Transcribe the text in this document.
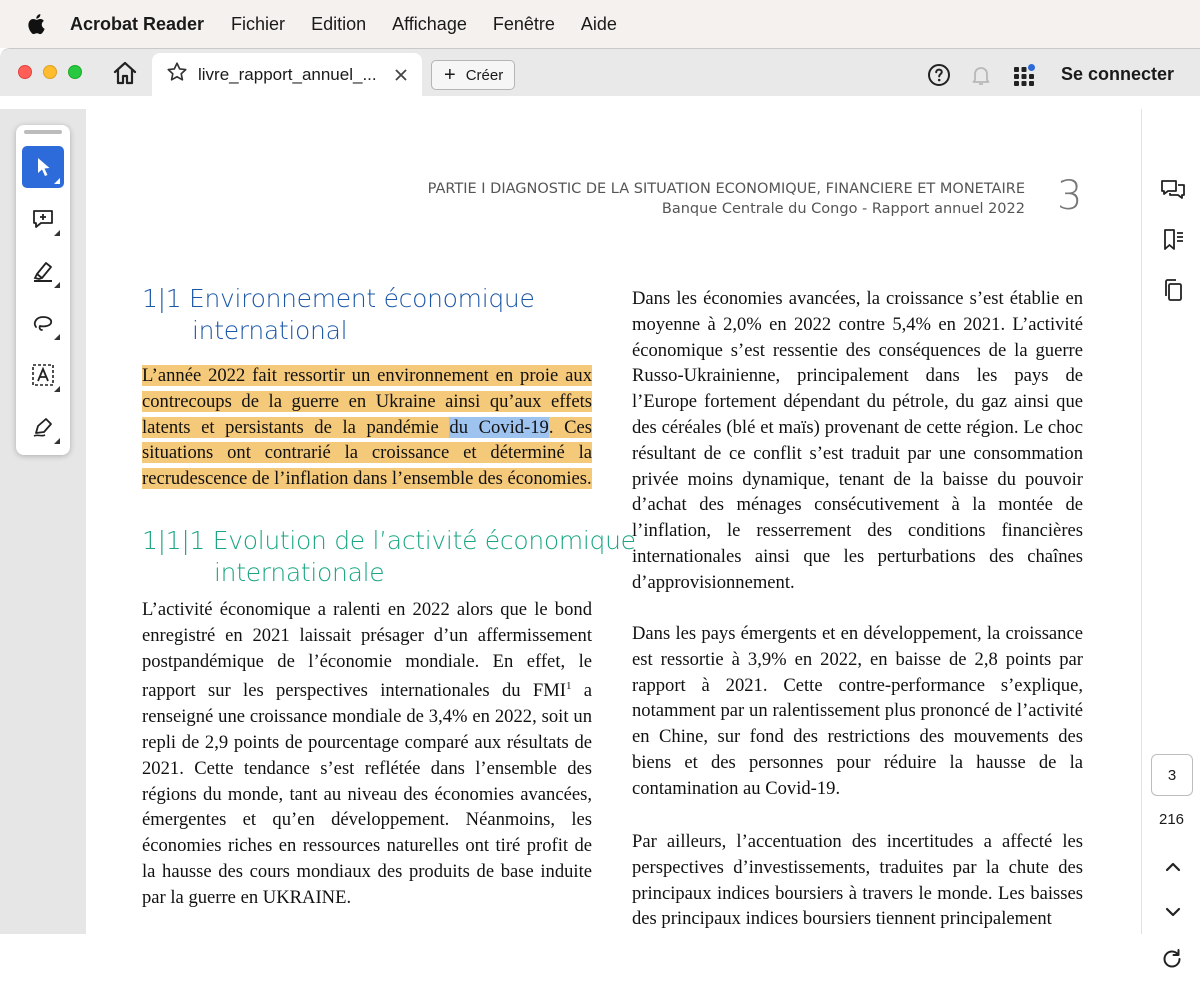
Acrobat Reader Fichier Edition Affichage Fenêtre Aide
livre_rapport_annuel_...	+ Créer	Se connecter
PARTIE I DIAGNOSTIC DE LA SITUATION ECONOMIQUE, FINANCIERE ET MONETAIRE
Banque Centrale du Congo - Rapport annuel 2022 3
1|1 Environnement économique
international
L’année 2022 fait ressortir un environnement en proie aux contrecoups de la guerre en Ukraine ainsi qu’aux effets latents et persistants de la pandémie du Covid-19. Ces situations ont contrarié la croissance et déterminé la recrudescence de l’inflation dans l’ensemble des économies.
1|1|1 Evolution de l’activité économique
internationale
L’activité économique a ralenti en 2022 alors que le bond enregistré en 2021 laissait présager d’un affermissement postpandémique de l’économie mondiale. En effet, le rapport sur les perspectives internationales du FMI$^1$ a renseigné une croissance mondiale de 3,4% en 2022, soit un repli de 2,9 points de pourcentage comparé aux résultats de 2021. Cette tendance s’est reflétée dans l’ensemble des régions du monde, tant au niveau des économies avancées, émergentes et qu’en développement. Néanmoins, les économies riches en ressources naturelles ont tiré profit de la hausse des cours mondiaux des produits de base induite par la guerre en UKRAINE.
Dans les économies avancées, la croissance s’est établie en moyenne à 2,0% en 2022 contre 5,4% en 2021. L’activité économique s’est ressentie des conséquences de la guerre Russo-Ukrainienne, principalement dans les pays de l’Europe fortement dépendant du pétrole, du gaz ainsi que des céréales (blé et maïs) provenant de cette région. Le choc résultant de ce conflit s’est traduit par une consommation privée moins dynamique, tenant de la baisse du pouvoir d’achat des ménages consécutivement à la montée de l’inflation, le resserrement des conditions financières internationales ainsi que les perturbations des chaînes d’approvisionnement.
Dans les pays émergents et en développement, la croissance est ressortie à 3,9% en 2022, en baisse de 2,8 points par rapport à 2021. Cette contre-performance s’explique, notamment par un ralentissement plus prononcé de l’activité en Chine, sur fond des restrictions des mouvements des biens et des personnes pour réduire la hausse de la contamination au Covid-19.
Par ailleurs, l’accentuation des incertitudes a affecté les perspectives d’investissements, traduites par la chute des principaux indices boursiers à travers le monde. Les baisses des principaux indices boursiers tiennent principalement
3
216
